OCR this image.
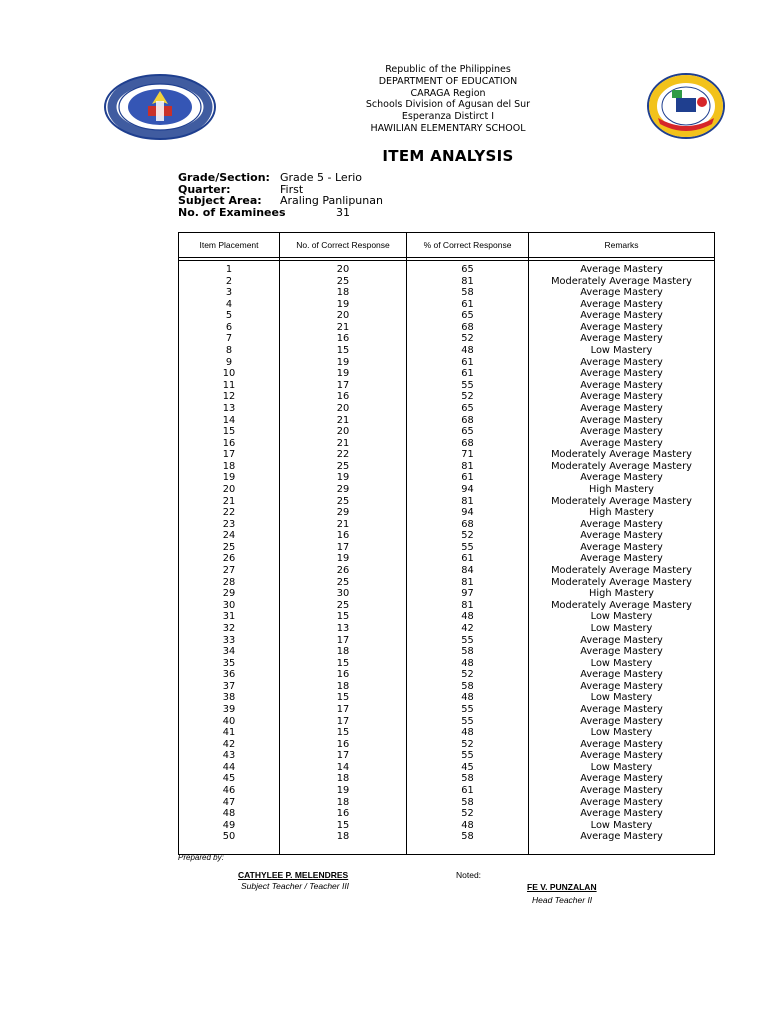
Republic of the Philippines
DEPARTMENT OF EDUCATION
CARAGA Region
Schools Division of Agusan del Sur
Esperanza Distirct I
HAWILIAN ELEMENTARY SCHOOL
ITEM ANALYSIS
Grade/Section: Grade 5 - Lerio
Quarter:	First
Subject Area: Araling Panlipunan
No. of Examinees	31
Item Placement	No. of Correct Response	% of Correct Response	Remarks

1	20	65	Average Mastery
2	25	81	Moderately Average Mastery
3	18	58	Average Mastery
4	19	61	Average Mastery
5	20	65	Average Mastery
6	21	68	Average Mastery
7	16	52	Average Mastery
8	15	48	Low Mastery
9	19	61	Average Mastery
10	19	61	Average Mastery
11	17	55	Average Mastery
12	16	52	Average Mastery
13	20	65	Average Mastery
14	21	68	Average Mastery
15	20	65	Average Mastery
16	21	68	Average Mastery
17	22	71	Moderately Average Mastery
18	25	81	Moderately Average Mastery
19	19	61	Average Mastery
20	29	94	High Mastery
21	25	81	Moderately Average Mastery
22	29	94	High Mastery
23	21	68	Average Mastery
24	16	52	Average Mastery
25	17	55	Average Mastery
26	19	61	Average Mastery
27	26	84	Moderately Average Mastery
28	25	81	Moderately Average Mastery
29	30	97	High Mastery
30	25	81	Moderately Average Mastery
31	15	48	Low Mastery
32	13	42	Low Mastery
33	17	55	Average Mastery
34	18	58	Average Mastery
35	15	48	Low Mastery
36	16	52	Average Mastery
37	18	58	Average Mastery
38	15	48	Low Mastery
39	17	55	Average Mastery
40	17	55	Average Mastery
41	15	48	Low Mastery
42	16	52	Average Mastery
43	17	55	Average Mastery
44	14	45	Low Mastery
45	18	58	Average Mastery
46	19	61	Average Mastery
47	18	58	Average Mastery
48	16	52	Average Mastery
49	15	48	Low Mastery
50	18	58	Average Mastery

Prepared by:
CATHYLEE P. MELENDRES
Subject Teacher / Teacher III
Noted:
FE V. PUNZALAN
Head Teacher II
